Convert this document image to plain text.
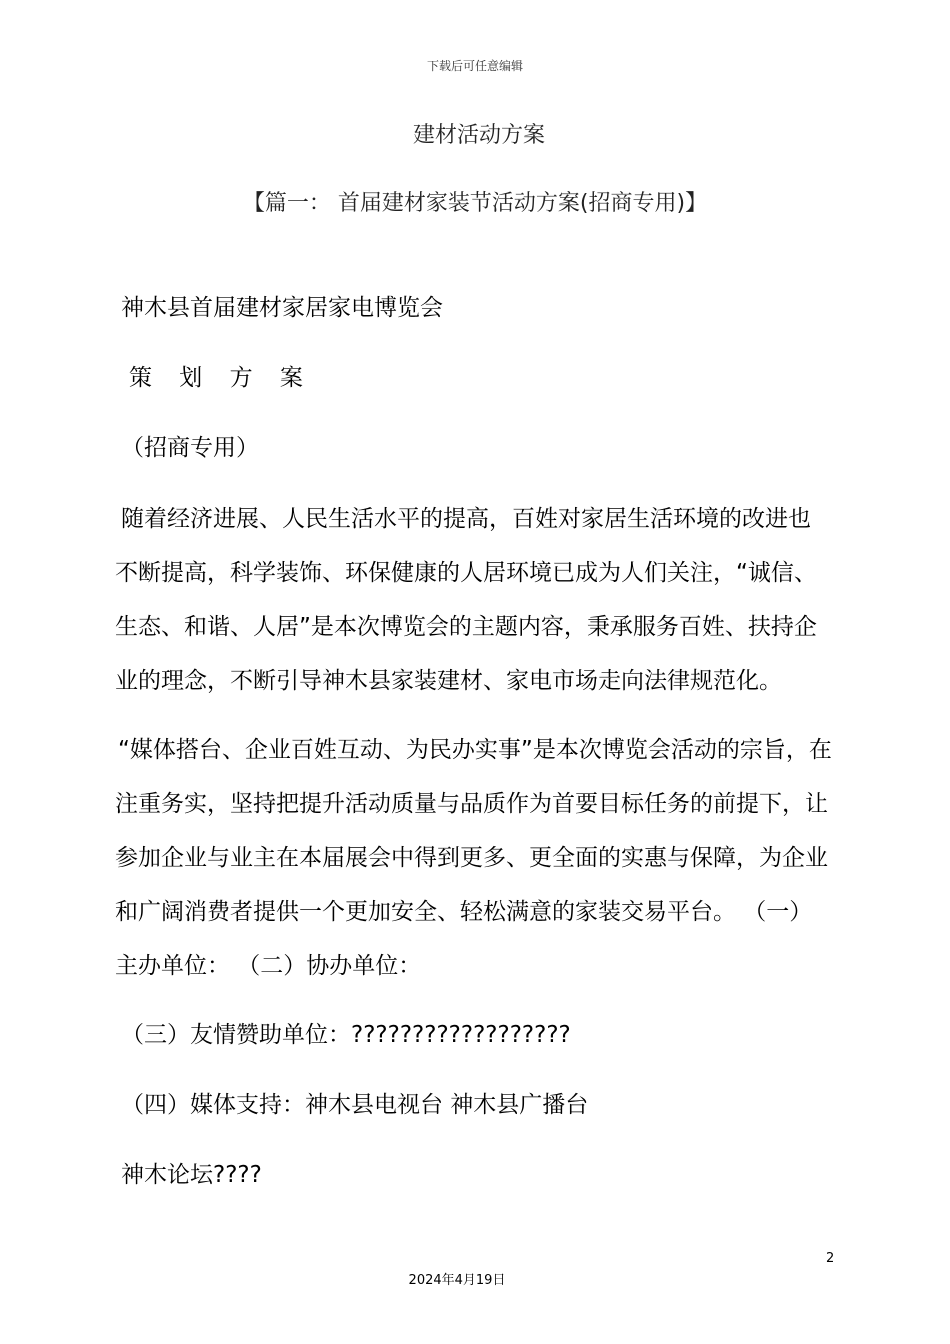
下载后可任意编辑
建材活动方案
【篇一： 首届建材家装节活动方案(招商专用)】
神木县首届建材家居家电博览会
策 划 方 案
（招商专用）
随着经济进展、人民生活水平的提高，百姓对家居生活环境的改进也
不断提高，科学装饰、环保健康的人居环境已成为人们关注，“诚信、
生态、和谐、人居”是本次博览会的主题内容，秉承服务百姓、扶持企
业的理念，不断引导神木县家装建材、家电市场走向法律规范化。
“媒体搭台、企业百姓互动、为民办实事”是本次博览会活动的宗旨，在
注重务实，坚持把提升活动质量与品质作为首要目标任务的前提下，让
参加企业与业主在本届展会中得到更多、更全面的实惠与保障，为企业
和广阔消费者提供一个更加安全、轻松满意的家装交易平台。 （一）
主办单位： （二）协办单位：
（三）友情赞助单位：??????????????????
（四）媒体支持：神木县电视台 神木县广播台
神木论坛????
2
2024年4月19日
